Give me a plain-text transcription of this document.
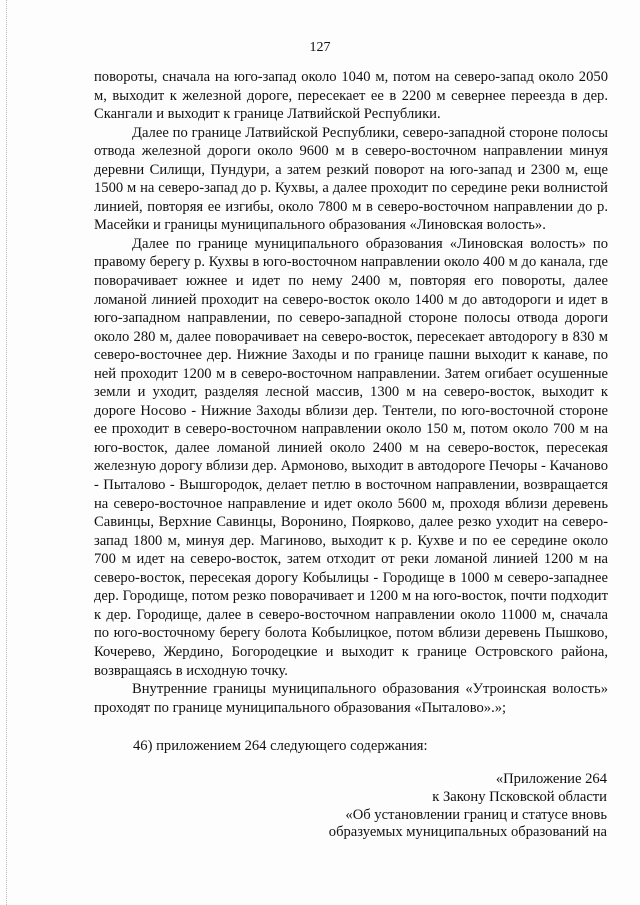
127

повороты, сначала на юго-запад около 1040 м, потом на северо-запад около 2050 м, выходит к железной дороге, пересекает ее в 2200 м севернее переезда в дер. Скангали и выходит к границе Латвийской Республики.

Далее по границе Латвийской Республики, северо-западной стороне полосы отвода железной дороги около 9600 м в северо-восточном направлении минуя деревни Силищи, Пундури, а затем резкий поворот на юго-запад и 2300 м, еще 1500 м на северо-запад до р. Кухвы, а далее проходит по середине реки волнистой линией, повторяя ее изгибы, около 7800 м в северо-восточном направлении до р. Масейки и границы муниципального образования «Линовская волость».

Далее по границе муниципального образования «Линовская волость» по правому берегу р. Кухвы в юго-восточном направлении около 400 м до канала, где поворачивает южнее и идет по нему 2400 м, повторяя его повороты, далее ломаной линией проходит на северо-восток около 1400 м до автодороги и идет в юго-западном направлении, по северо-западной стороне полосы отвода дороги около 280 м, далее поворачивает на северо-восток, пересекает автодорогу в 830 м северо-восточнее дер. Нижние Заходы и по границе пашни выходит к канаве, по ней проходит 1200 м в северо-восточном направлении. Затем огибает осушенные земли и уходит, разделяя лесной массив, 1300 м на северо-восток, выходит к дороге Носово - Нижние Заходы вблизи дер. Тентели, по юго-восточной стороне ее проходит в северо-восточном направлении около 150 м, потом около 700 м на юго-восток, далее ломаной линией около 2400 м на северо-восток, пересекая железную дорогу вблизи дер. Армоново, выходит в автодороге Печоры - Качаново - Пыталово - Вышгородок, делает петлю в восточном направлении, возвращается на северо-восточное направление и идет около 5600 м, проходя вблизи деревень Савинцы, Верхние Савинцы, Воронино, Поярково, далее резко уходит на северо-запад 1800 м, минуя дер. Магиново, выходит к р. Кухве и по ее середине около 700 м идет на северо-восток, затем отходит от реки ломаной линией 1200 м на северо-восток, пересекая дорогу Кобылицы - Городище в 1000 м северо-западнее дер. Городище, потом резко поворачивает и 1200 м на юго-восток, почти подходит к дер. Городище, далее в северо-восточном направлении около 11000 м, сначала по юго-восточному берегу болота Кобылицкое, потом вблизи деревень Пышково, Кочерево, Жердино, Богородецкие и выходит к границе Островского района, возвращаясь в исходную точку.

Внутренние границы муниципального образования «Утроинская волость» проходят по границе муниципального образования «Пыталово».»;

46) приложением 264 следующего содержания:
«Приложение 264
к Закону Псковской области
«Об установлении границ и статусе вновь
образуемых муниципальных образований на
